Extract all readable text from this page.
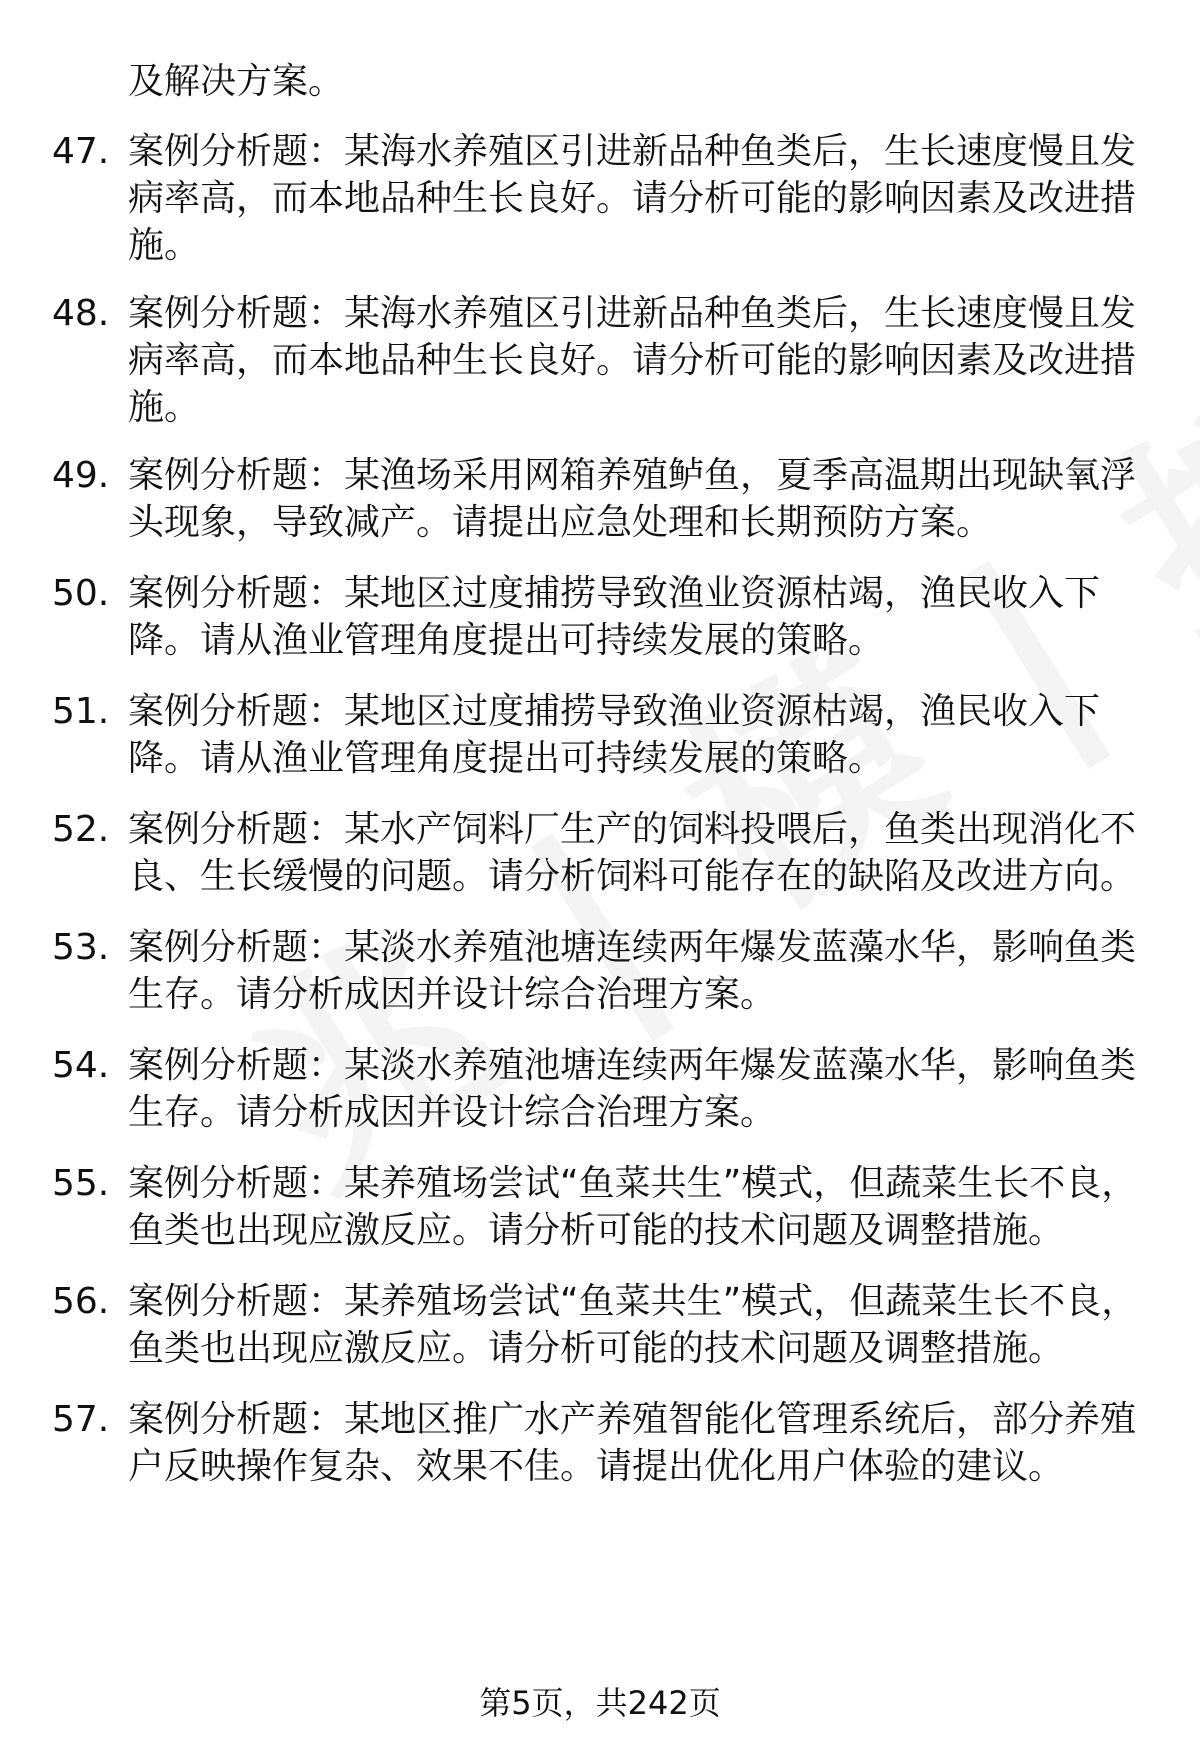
及解决方案。
47. 案例分析题：某海水养殖区引进新品种鱼类后，生长速度慢且发病率高，而本地品种生长良好。请分析可能的影响因素及改进措施。
48. 案例分析题：某海水养殖区引进新品种鱼类后，生长速度慢且发病率高，而本地品种生长良好。请分析可能的影响因素及改进措施。
49. 案例分析题：某渔场采用网箱养殖鲈鱼，夏季高温期出现缺氧浮头现象，导致减产。请提出应急处理和长期预防方案。
50. 案例分析题：某地区过度捕捞导致渔业资源枯竭，渔民收入下降。请从渔业管理角度提出可持续发展的策略。
51. 案例分析题：某地区过度捕捞导致渔业资源枯竭，渔民收入下降。请从渔业管理角度提出可持续发展的策略。
52. 案例分析题：某水产饲料厂生产的饲料投喂后，鱼类出现消化不良、生长缓慢的问题。请分析饲料可能存在的缺陷及改进方向。
53. 案例分析题：某淡水养殖池塘连续两年爆发蓝藻水华，影响鱼类生存。请分析成因并设计综合治理方案。
54. 案例分析题：某淡水养殖池塘连续两年爆发蓝藻水华，影响鱼类生存。请分析成因并设计综合治理方案。
55. 案例分析题：某养殖场尝试“鱼菜共生”模式，但蔬菜生长不良，鱼类也出现应激反应。请分析可能的技术问题及调整措施。
56. 案例分析题：某养殖场尝试“鱼菜共生”模式，但蔬菜生长不良，鱼类也出现应激反应。请分析可能的技术问题及调整措施。
57. 案例分析题：某地区推广水产养殖智能化管理系统后，部分养殖户反映操作复杂、效果不佳。请提出优化用户体验的建议。
第5页，共242页
